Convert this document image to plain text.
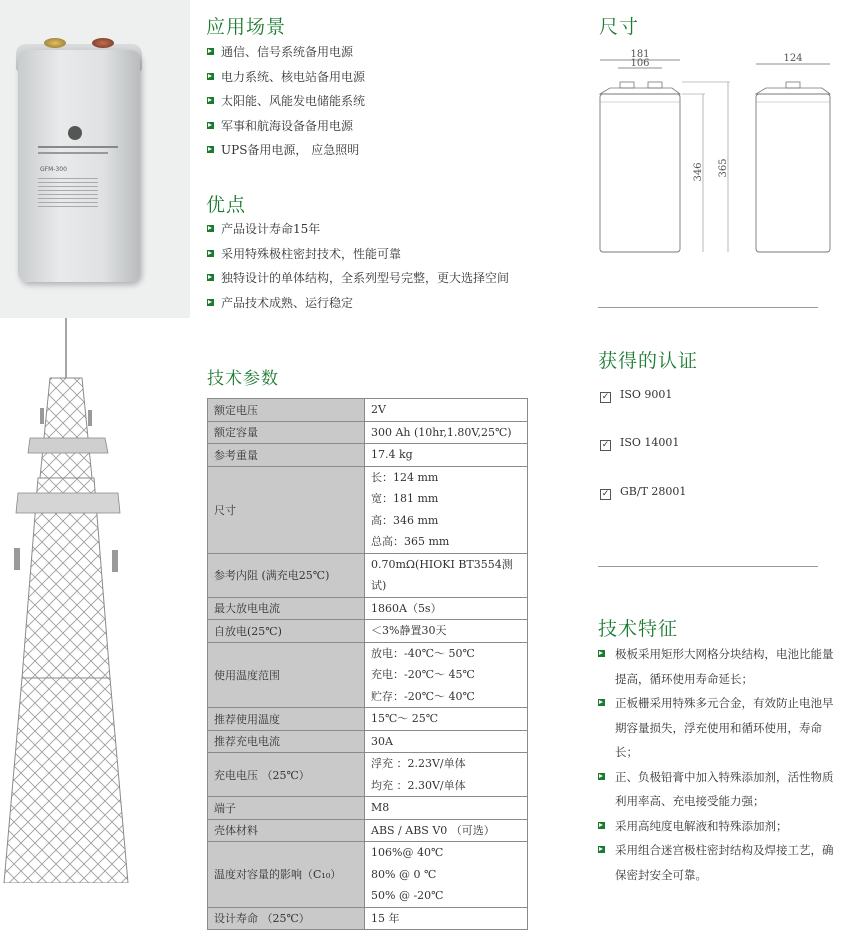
GFM-300
应用场景
通信、信号系统备用电源
电力系统、核电站备用电源
太阳能、风能发电储能系统
军事和航海设备备用电源
UPS备用电源， 应急照明
优点
产品设计寿命15年
采用特殊极柱密封技术，性能可靠
独特设计的单体结构，全系列型号完整，更大选择空间
产品技术成熟、运行稳定
技术参数
额定电压	2V

额定容量	300 Ah (10hr,1.80V,25℃)

参考重量	17.4 kg

尺寸	长：124 mm
宽：181 mm
高：346 mm
总高：365 mm

参考内阻 (满充电25℃)	0.70mΩ(HIOKI BT3554测试)

最大放电电流	1860A（5s）

自放电(25℃)	＜3%静置30天

使用温度范围	放电：-40℃～ 50℃
充电：-20℃～ 45℃
贮存：-20℃～ 40℃

推荐使用温度	15℃～ 25℃

推荐充电电流	30A

充电电压 （25℃）	浮充 ：2.23V/单体
均充 ：2.30V/单体

端子	M8

壳体材料	ABS / ABS V0 （可选）

温度对容量的影响（C₁₀）	106%@ 40℃
80% @ 0 ℃
50% @ -20℃

设计寿命 （25℃）	15 年
尺寸
181
106
346 365
124
获得的认证
✓ ISO 9001
✓ ISO 14001
✓ GB/T 28001
技术特征
极板采用矩形大网格分块结构，电池比能量提高，循环使用寿命延长；
正板栅采用特殊多元合金，有效防止电池早期容量损失，浮充使用和循环使用，寿命长；
正、负极铅膏中加入特殊添加剂，活性物质利用率高、充电接受能力强；
采用高纯度电解液和特殊添加剂；
采用组合迷宫极柱密封结构及焊接工艺，确保密封安全可靠。
